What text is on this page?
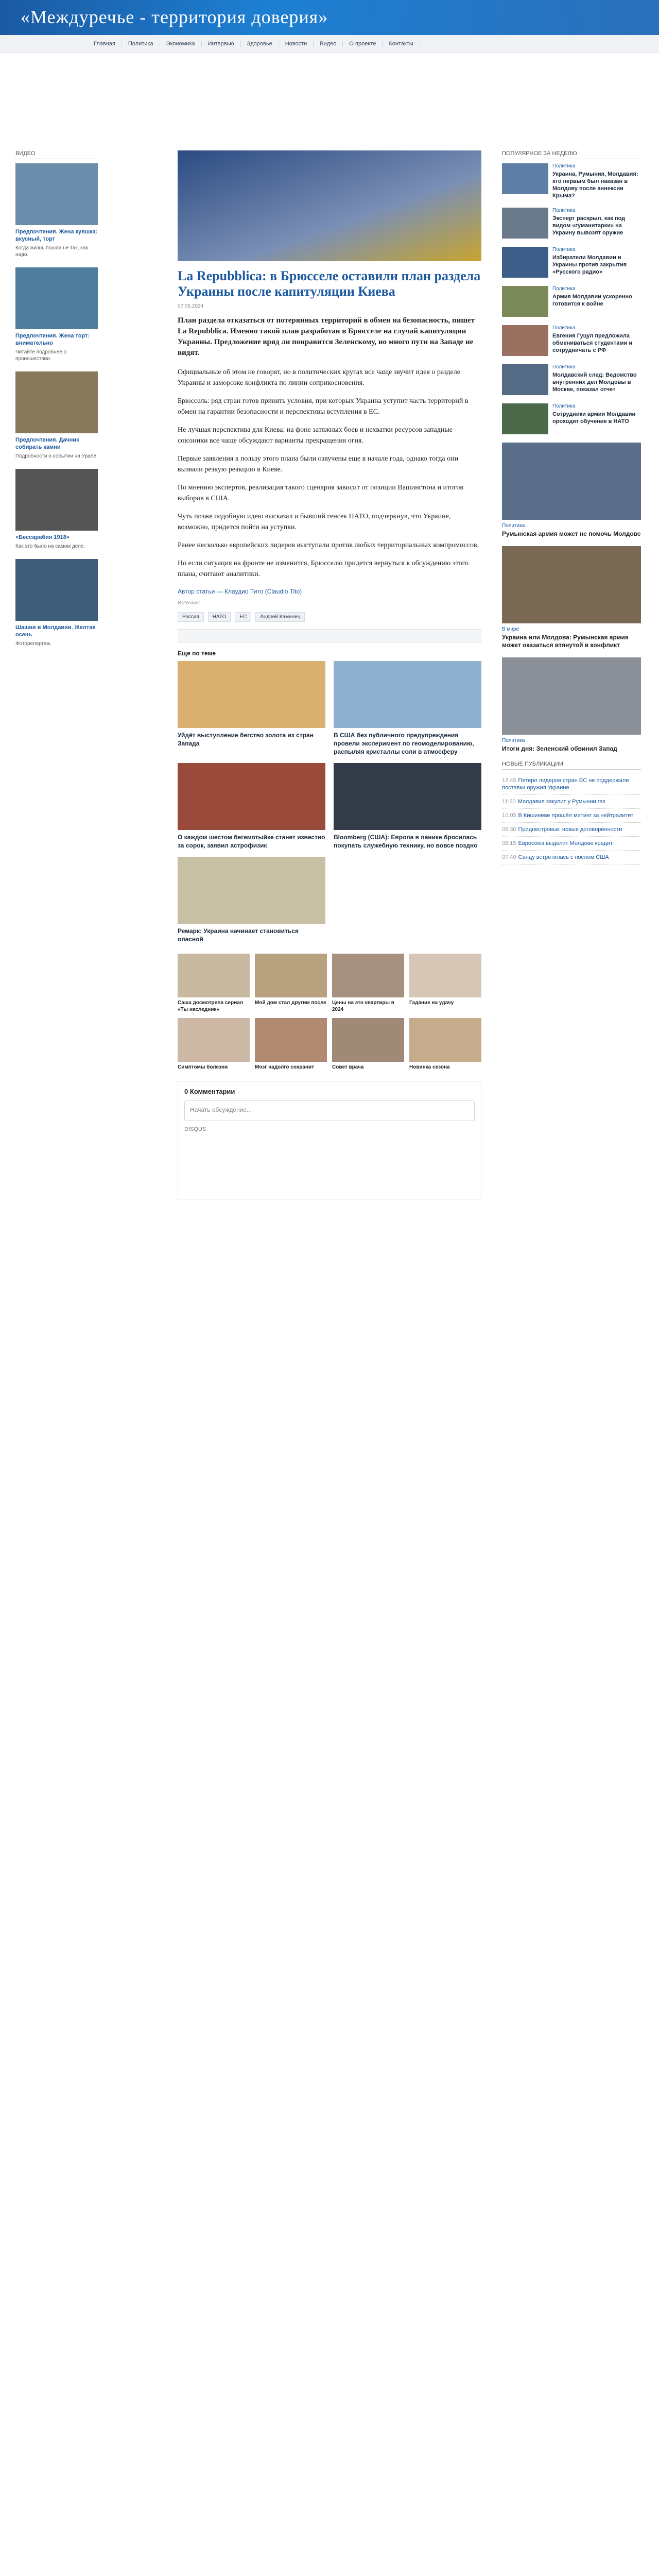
«Междуречье - территория доверия»
Главная	Политика	Экономика	Интервью	Здоровье	Новости	Видео	О проекте	Контакты
ВИДЕО
Предпочтения. Жена кувшка: вкусный, торт
Когда жизнь пошла не так, как надо.
Предпочтения. Жена торт: внимательно
Читайте подробнее о происшествии.
Предпочтения. Дачник собирать камни
Подробности о событии на Урале.
«Бессарабия 1918»
Как это было на самом деле.
Шашни в Молдавии. Желтая осень
Фоторепортаж.
La Repubblica: в Брюсселе оставили план раздела Украины после капитуляции Киева
07.06.2024
План раздела отказаться от потерянных территорий в обмен на безопасность, пишет La Repubblica. Именно такой план разработан в Брюсселе на случай капитуляции Украины. Предложение вряд ли понравится Зеленскому, но много пути на Западе не видят.

Официальные об этом не говорят, но в политических кругах все чаще звучит идея о разделе Украины и заморозке конфликта по линии соприкосновения.

Брюссель: ряд стран готов принять условия, при которых Украина уступит часть территорий в обмен на гарантии безопасности и перспективы вступления в ЕС.

Не лучшая перспектива для Киева: на фоне затяжных боев и нехватки ресурсов западные союзники все чаще обсуждают варианты прекращения огня.

Первые заявления в пользу этого плана были озвучены еще в начале года, однако тогда они вызвали резкую реакцию в Киеве.

По мнению экспертов, реализация такого сценария зависит от позиции Вашингтона и итогов выборов в США.

Чуть позже подобную идею высказал и бывший генсек НАТО, подчеркнув, что Украине, возможно, придется пойти на уступки.

Ранее несколько европейских лидеров выступали против любых территориальных компромиссов.

Но если ситуация на фронте не изменится, Брюсселю придется вернуться к обсуждению этого плана, считают аналитики.

Автор статьи — Клаудио Тито (Claudio Tito)
Источник
Россия	НАТО	ЕС	Андрей Каминец
Еще по теме
Уйдёт выступление бегство золота из стран Запада
В США без публичного предупреждения провели эксперимент по геомоделированию, распыляя кристаллы соли в атмосферу
О каждом шестом бегемотыйке станет известно за сорок, заявил астрофизик
Bloomberg (США): Европа в панике бросилась покупать служебную технику, но вовсе поздно
Ремарк: Украина начинает становиться опасной
Саша досмотрела сериал «Ты наследник»
Мой дом стал другим после Цены на это квартиры в 2024
Гадание на удачу
Симптомы болезни	Мозг надолго сохранит	Совет врача	Новинка сезона
0 Комментарии
Начать обсуждение...
DISQUS
ПОПУЛЯРНОЕ ЗА НЕДЕЛЮ
Политика
Украина, Румыния, Молдавия: кто первым был наказан в Молдову после аннексии Крыма?
Политика
Эксперт раскрыл, как под видом «гуманитарки» на Украину вывозят оружие
Политика
Избиратели Молдавии и Украины против закрытия «Русского радио»
Политика
Армия Молдавии ускоренно готовится к войне
Политика
Евгения Гуцул предложила обмениваться студентами и сотрудничать с РФ
Политика
Молдавский след: Ведомство внутренних дел Молдовы в Москве, показал отчет
Политика
Сотрудники армии Молдавии проходят обучение в НАТО
Политика
Румынская армия может не помочь Молдове
В мире
Украина или Молдова: Румынская армия может оказаться втянутой в конфликт
Политика
Итоги дня: Зеленский обвинил Запад
НОВЫЕ ПУБЛИКАЦИИ
12:45 Пятеро лидеров стран ЕС не поддержали поставки оружия Украине
11:20 Молдавия закупит у Румынии газ
10:05 В Кишинёве прошёл митинг за нейтралитет
09:30 Приднестровье: новые договорённости
08:15 Евросоюз выделит Молдове кредит
07:40 Санду встретилась с послом США
